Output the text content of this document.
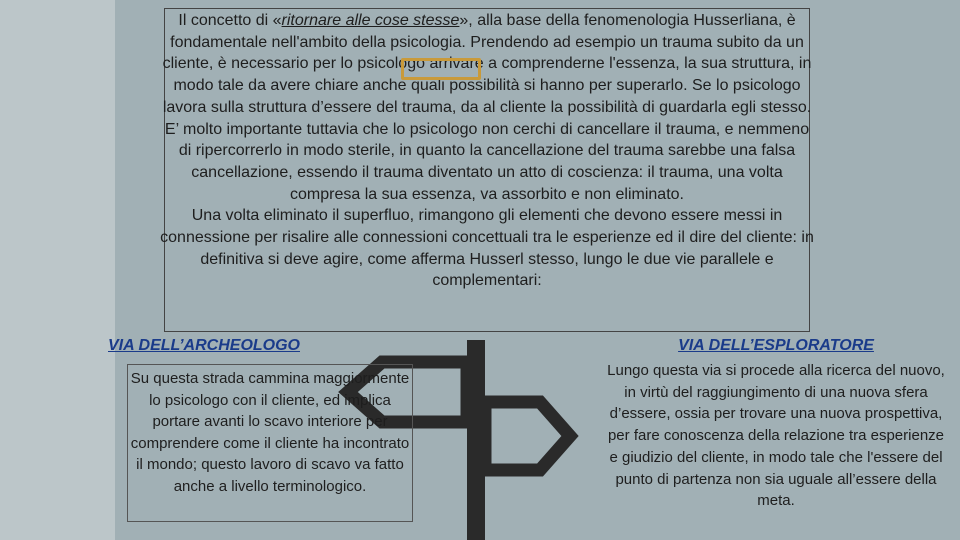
Il concetto di «ritornare alle cose stesse», alla base della fenomenologia Husserliana, è fondamentale nell'ambito della psicologia. Prendendo ad esempio un trauma subito da un cliente, è necessario per lo psicologo arrivare a comprenderne l'essenza, la sua struttura, in modo tale da avere chiare anche quali possibilità si hanno per superarlo. Se lo psicologo lavora sulla struttura d’essere del trauma, da al cliente la possibilità di guardarla egli stesso.

E’ molto importante tuttavia che lo psicologo non cerchi di cancellare il trauma, e nemmeno di ripercorrerlo in modo sterile, in quanto la cancellazione del trauma sarebbe una falsa cancellazione, essendo il trauma diventato un atto di coscienza: il trauma, una volta compresa la sua essenza, va assorbito e non eliminato.

Una volta eliminato il superfluo, rimangono gli elementi che devono essere messi in connessione per risalire alle connessioni concettuali tra le esperienze ed il dire del cliente: in definitiva si deve agire, come afferma Husserl stesso, lungo le due vie parallele e complementari:

VIA DELL’ARCHEOLOGO	VIA DELL’ESPLORATORE

Su questa strada cammina maggiormente lo psicologo con il cliente, ed implica portare avanti lo scavo interiore per comprendere come il cliente ha incontrato il mondo; questo lavoro di scavo va fatto anche a livello terminologico.

Lungo questa via si procede alla ricerca del nuovo, in virtù del raggiungimento di una nuova sfera d’essere, ossia per trovare una nuova prospettiva, per fare conoscenza della relazione tra esperienze e giudizio del cliente, in modo tale che l'essere del punto di partenza non sia uguale all’essere della meta.
